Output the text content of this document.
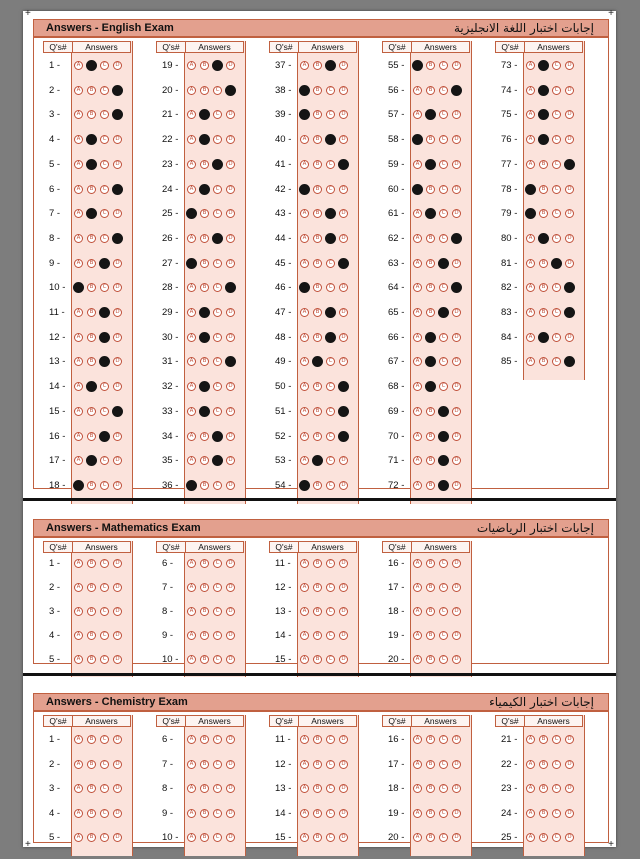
+	+
+	+
Answers - English Exam	إجابات اختبار اللغة الانجليزية
Q's#	Answers
1 -	A	B	C	D
2 -	A	B	C	D
3 -	A	B	C	D
4 -	A	B	C	D
5 -	A	B	C	D
6 -	A	B	C	D
7 -	A	B	C	D
8 -	A	B	C	D
9 -	A	B	C	D
10 -	A	B	C	D
11 -	A	B	C	D
12 -	A	B	C	D
13 -	A	B	C	D
14 -	A	B	C	D
15 -	A	B	C	D
16 -	A	B	C	D
17 -	A	B	C	D
18 -	A	B	C	D
Q's#	Answers
19 -	A	B	C	D
20 -	A	B	C	D
21 -	A	B	C	D
22 -	A	B	C	D
23 -	A	B	C	D
24 -	A	B	C	D
25 -	A	B	C	D
26 -	A	B	C	D
27 -	A	B	C	D
28 -	A	B	C	D
29 -	A	B	C	D
30 -	A	B	C	D
31 -	A	B	C	D
32 -	A	B	C	D
33 -	A	B	C	D
34 -	A	B	C	D
35 -	A	B	C	D
36 -	A	B	C	D
Q's#	Answers
37 -	A	B	C	D
38 -	A	B	C	D
39 -	A	B	C	D
40 -	A	B	C	D
41 -	A	B	C	D
42 -	A	B	C	D
43 -	A	B	C	D
44 -	A	B	C	D
45 -	A	B	C	D
46 -	A	B	C	D
47 -	A	B	C	D
48 -	A	B	C	D
49 -	A	B	C	D
50 -	A	B	C	D
51 -	A	B	C	D
52 -	A	B	C	D
53 -	A	B	C	D
54 -	A	B	C	D
Q's#	Answers
55 -	A	B	C	D
56 -	A	B	C	D
57 -	A	B	C	D
58 -	A	B	C	D
59 -	A	B	C	D
60 -	A	B	C	D
61 -	A	B	C	D
62 -	A	B	C	D
63 -	A	B	C	D
64 -	A	B	C	D
65 -	A	B	C	D
66 -	A	B	C	D
67 -	A	B	C	D
68 -	A	B	C	D
69 -	A	B	C	D
70 -	A	B	C	D
71 -	A	B	C	D
72 -	A	B	C	D
Q's#	Answers
73 -	A	B	C	D
74 -	A	B	C	D
75 -	A	B	C	D
76 -	A	B	C	D
77 -	A	B	C	D
78 -	A	B	C	D
79 -	A	B	C	D
80 -	A	B	C	D
81 -	A	B	C	D
82 -	A	B	C	D
83 -	A	B	C	D
84 -	A	B	C	D
85 -	A	B	C	D
Answers - Mathematics Exam	إجابات اختبار الرياضيات
Q's#	Answers
1 -	A	B	C	D
2 -	A	B	C	D
3 -	A	B	C	D
4 -	A	B	C	D
5 -	A	B	C	D
Q's#	Answers
6 -	A	B	C	D
7 -	A	B	C	D
8 -	A	B	C	D
9 -	A	B	C	D
10 -	A	B	C	D
Q's#	Answers
11 -	A	B	C	D
12 -	A	B	C	D
13 -	A	B	C	D
14 -	A	B	C	D
15 -	A	B	C	D
Q's#	Answers
16 -	A	B	C	D
17 -	A	B	C	D
18 -	A	B	C	D
19 -	A	B	C	D
20 -	A	B	C	D
Answers - Chemistry Exam	إجابات اختبار الكيمياء
Q's#	Answers
1 -	A	B	C	D
2 -	A	B	C	D
3 -	A	B	C	D
4 -	A	B	C	D
5 -	A	B	C	D
Q's#	Answers
6 -	A	B	C	D
7 -	A	B	C	D
8 -	A	B	C	D
9 -	A	B	C	D
10 -	A	B	C	D
Q's#	Answers
11 -	A	B	C	D
12 -	A	B	C	D
13 -	A	B	C	D
14 -	A	B	C	D
15 -	A	B	C	D
Q's#	Answers
16 -	A	B	C	D
17 -	A	B	C	D
18 -	A	B	C	D
19 -	A	B	C	D
20 -	A	B	C	D
Q's#	Answers
21 -	A	B	C	D
22 -	A	B	C	D
23 -	A	B	C	D
24 -	A	B	C	D
25 -	A	B	C	D
